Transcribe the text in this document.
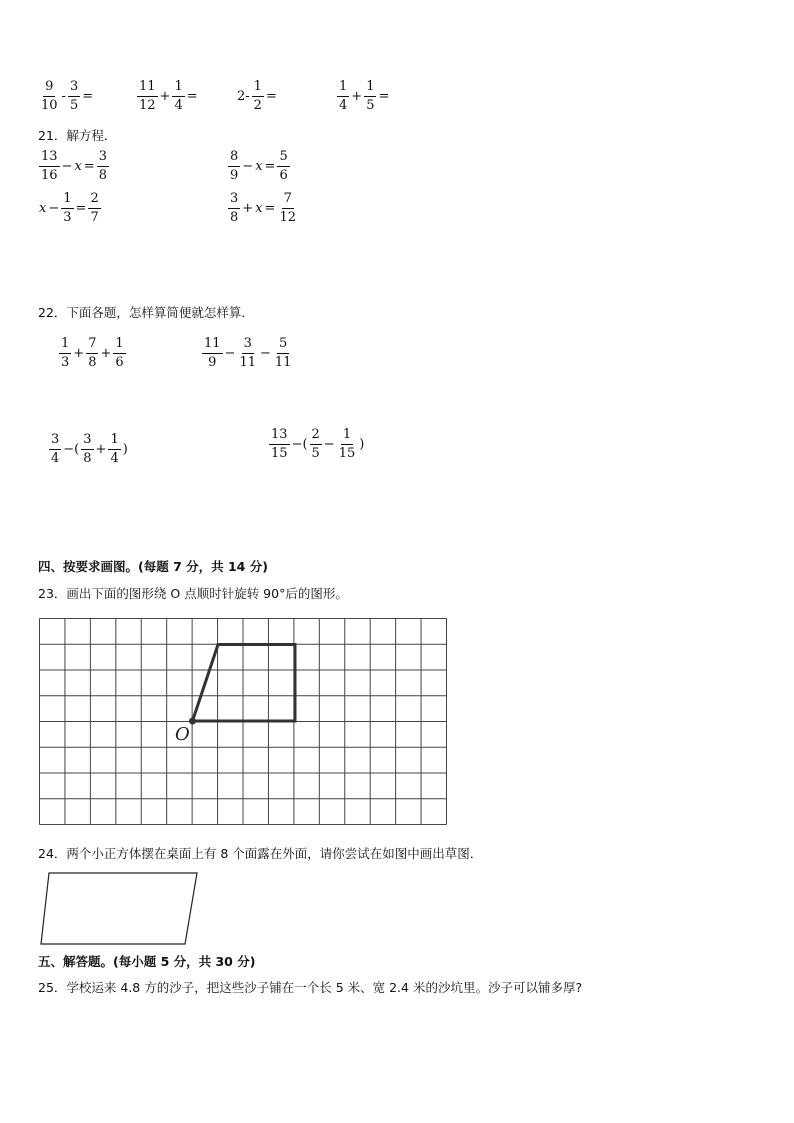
$\frac{9}{10} - \frac{3}{5}$ =	$\frac{11}{12} + \frac{1}{4}$ =	$2- \frac{1}{2}$ =	$\frac{1}{4} + \frac{1}{5}$ =
21．解方程．
$\frac{13}{16} - x = \frac{3}{8}$	$\frac{8}{9} - x = \frac{5}{6}$
$x - \frac{1}{3} = \frac{2}{7}$	$\frac{3}{8} + x = \frac{7}{12}$
22．下面各题，怎样算简便就怎样算．
$\frac{1}{3} + \frac{7}{8} + \frac{1}{6}$	$\frac{11}{9} - \frac{3}{11} - \frac{5}{11}$
$\frac{3}{4}$ −( $\frac{3}{8} + \frac{1}{4}$ )	$\frac{13}{15}$ −( $\frac{2}{5} - \frac{1}{15}$ )
四、按要求画图。(每题 7 分，共 14 分)
23．画出下面的图形绕 O 点顺时针旋转 90°后的图形。
O
24．两个小正方体摆在桌面上有 8 个面露在外面，请你尝试在如图中画出草图．
五、解答题。(每小题 5 分，共 30 分)
25．学校运来 4.8 方的沙子，把这些沙子铺在一个长 5 米、宽 2.4 米的沙坑里。沙子可以铺多厚?
